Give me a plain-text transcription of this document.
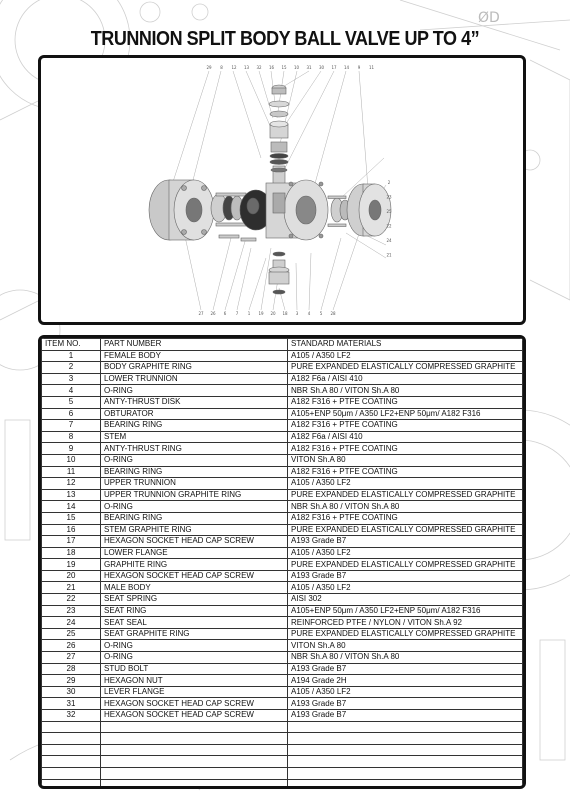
ØD
TRUNNION SPLIT BODY BALL VALVE UP TO 4”
29 8 12 13 32 16 15 10 31 30 17 14 9 11
27 26 6 7 1 19 20 18 3 4 5 28
2
23
25
22
24
21
ITEM NO.	PART NUMBER	STANDARD MATERIALS
1	FEMALE BODY	A105 / A350 LF2
2	BODY GRAPHITE RING	PURE EXPANDED ELASTICALLY COMPRESSED GRAPHITE
3	LOWER TRUNNION	A182 F6a / AISI 410
4	O-RING	NBR Sh.A 80 / VITON Sh.A 80
5	ANTY-THRUST DISK	A182 F316 + PTFE COATING
6	OBTURATOR	A105+ENP 50μm / A350 LF2+ENP 50μm/ A182 F316
7	BEARING RING	A182 F316 + PTFE COATING
8	STEM	A182 F6a / AISI 410
9	ANTY-THRUST RING	A182 F316 + PTFE COATING
10	O-RING	VITON Sh.A 80
11	BEARING RING	A182 F316 + PTFE COATING
12	UPPER TRUNNION	A105 / A350 LF2
13	UPPER TRUNNION GRAPHITE RING	PURE EXPANDED ELASTICALLY COMPRESSED GRAPHITE
14	O-RING	NBR Sh.A 80 / VITON Sh.A 80
15	BEARING RING	A182 F316 + PTFE COATING
16	STEM GRAPHITE RING	PURE EXPANDED ELASTICALLY COMPRESSED GRAPHITE
17	HEXAGON SOCKET HEAD CAP SCREW	A193 Grade B7
18	LOWER FLANGE	A105 / A350 LF2
19	GRAPHITE RING	PURE EXPANDED ELASTICALLY COMPRESSED GRAPHITE
20	HEXAGON SOCKET HEAD CAP SCREW	A193 Grade B7
21	MALE BODY	A105 / A350 LF2
22	SEAT SPRING	AISI 302
23	SEAT RING	A105+ENP 50μm / A350 LF2+ENP 50μm/ A182 F316
24	SEAT SEAL	REINFORCED PTFE / NYLON / VITON Sh.A 92
25	SEAT GRAPHITE RING	PURE EXPANDED ELASTICALLY COMPRESSED GRAPHITE
26	O-RING	VITON Sh.A 80
27	O-RING	NBR Sh.A 80 / VITON Sh.A 80
28	STUD BOLT	A193 Grade B7
29	HEXAGON NUT	A194 Grade 2H
30	LEVER FLANGE	A105 / A350 LF2
31	HEXAGON SOCKET HEAD CAP SCREW	A193 Grade B7
32	HEXAGON SOCKET HEAD CAP SCREW	A193 Grade B7
